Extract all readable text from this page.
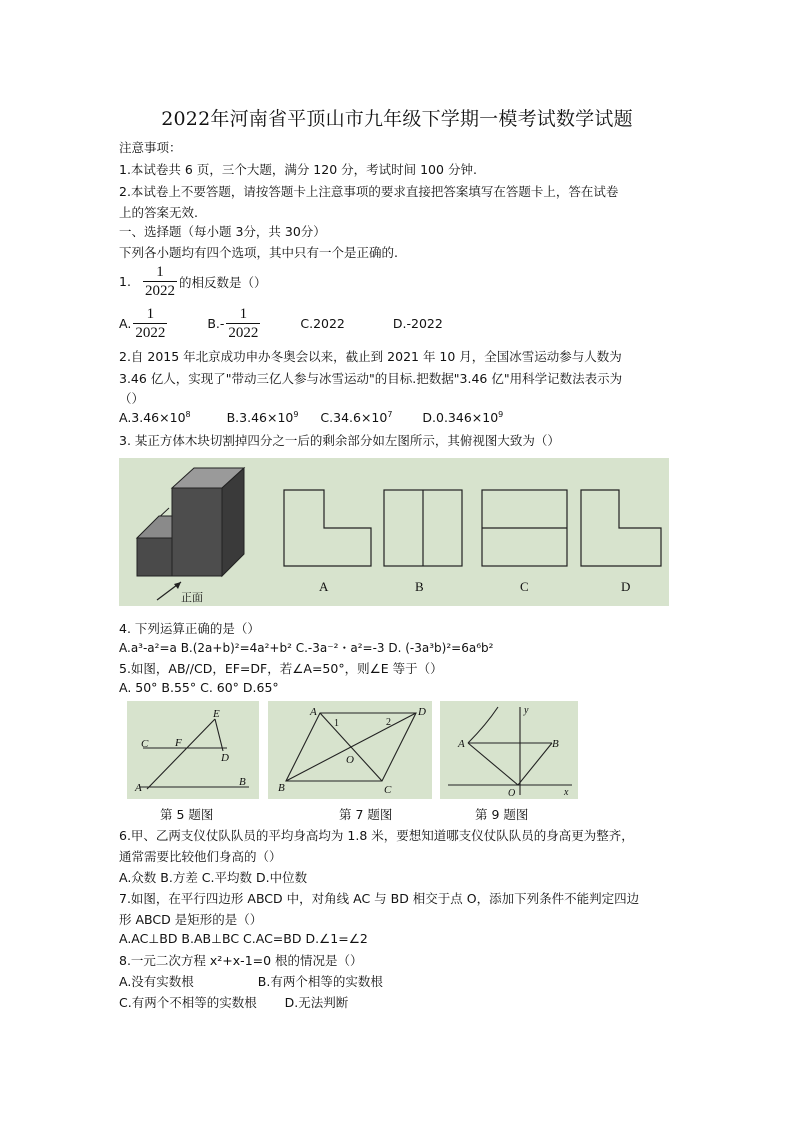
2022年河南省平顶山市九年级下学期一模考试数学试题
注意事项：
1.本试卷共 6 页，三个大题，满分 120 分，考试时间 100 分钟.
2.本试卷上不要答题，请按答题卡上注意事项的要求直接把答案填写在答题卡上，答在试卷
上的答案无效.
一、选择题（每小题 3分，共 30分）
下列各小题均有四个选项，其中只有一个是正确的.
1. $\frac{1}{2022}$ 的相反数是（）
A. $\frac{1}{2022}$	$B.- \frac{1}{2022}$	C.2022	D.-2022
2.自 2015 年北京成功申办冬奥会以来，截止到 2021 年 10 月，全国冰雪运动参与人数为
3.46 亿人，实现了"带动三亿人参与冰雪运动"的目标.把数据"3.46 亿"用科学记数法表示为
（）
$A.3.46\times 10^8$	$B.3.46\times 10^9$ $C.34.6\times 10^7$ $D.0.346\times 10^9$
3. 某正方体木块切割掉四分之一后的剩余部分如左图所示，其俯视图大致为（）
正面
A	B	C	D
4. 下列运算正确的是（）
A.a³-a²=a B.(2a+b)²=4a²+b² C.-3a⁻²・a²=-3 D. (-3a³b)²=6a⁶b²
5.如图，AB//CD，EF=DF，若∠A=50°，则∠E 等于（）
A. 50° B.55° C. 60° D.65°
C F
E
D
A	B
A	D
B	C
O
1	2
y
x
A	B
O
第 5 题图	第 7 题图	第 9 题图
6.甲、乙两支仪仗队队员的平均身高均为 1.8 米，要想知道哪支仪仗队队员的身高更为整齐，
通常需要比较他们身高的（）
A.众数 B.方差 C.平均数 D.中位数
7.如图，在平行四边形 ABCD 中，对角线 AC 与 BD 相交于点 O，添加下列条件不能判定四边
形 ABCD 是矩形的是（）
A.AC⊥BD B.AB⊥BC C.AC=BD D.∠1=∠2
8.一元二次方程 x²+x-1=0 根的情况是（）
A.没有实数根	B.有两个相等的实数根
C.有两个不相等的实数根 D.无法判断
